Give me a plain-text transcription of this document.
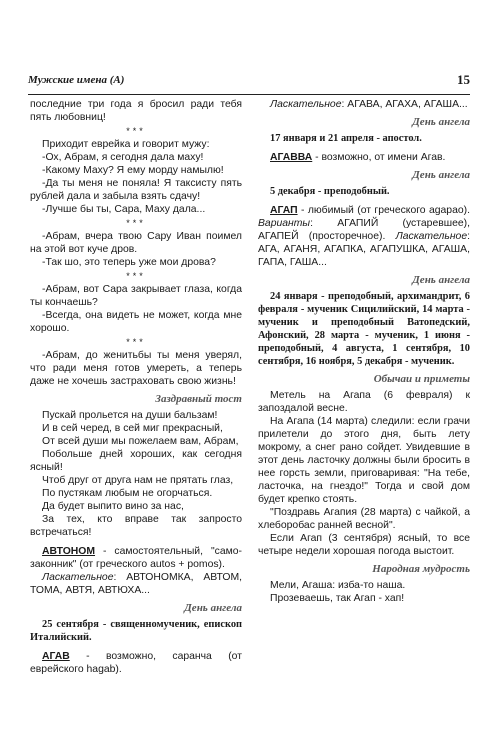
Мужские имена (А)	15

последние три года я бросил ради тебя пять любовниц!

***

Приходит еврейка и говорит мужу:

-Ох, Абрам, я сегодня дала маху!

-Какому Маху? Я ему морду намылю!

-Да ты меня не поняла! Я таксисту пять рублей дала и забыла взять сдачу!

-Лучше бы ты, Сара, Маху дала...

***

-Абрам, вчера твою Сару Иван поимел на этой вот куче дров.

-Так шо, это теперь уже мои дрова?

***

-Абрам, вот Сара закрывает глаза, когда ты кончаешь?

-Всегда, она видеть не может, когда мне хорошо.

***

-Абрам, до женитьбы ты меня уверял, что ради меня готов умереть, а теперь даже не хочешь застраховать свою жизнь!

Заздравный тост

Пускай прольется на души бальзам!

И в сей черед, в сей миг прекрасный,

От всей души мы пожелаем вам, Абрам,

Побольше дней хороших, как сегодня ясный!

Чтоб друг от друга нам не прятать глаз,

По пустякам любым не огорчаться.

Да будет выпито вино за нас,

За тех, кто вправе так запросто встречаться!

АВТОНОМ - самостоятельный, "само-законник" (от греческого autos + pomos).

Ласкательное: АВТОНОМКА, АВТОМ, ТОМА, АВТЯ, АВТЮХА...

День ангела

25 сентября - священномученик, епископ Италийский.

АГАВ - возможно, саранча (от еврейского hagab).

Ласкательное: АГАВА, АГАХА, АГАША...

День ангела

17 января и 21 апреля - апостол.

АГАВВА - возможно, от имени Агав.

День ангела

5 декабря - преподобный.

АГАП - любимый (от греческого agapao). Варианты: АГАПИЙ (устаревшее), АГАПЕЙ (просторечное). Ласкательное: АГА, АГАНЯ, АГАПКА, АГАПУШКА, АГАША, ГАПА, ГАША...

День ангела

24 января - преподобный, архимандрит, 6 февраля - мученик Сицилийский, 14 марта - мученик и преподобный Ватопедский, Афонский, 28 марта - мученик, 1 июня - преподобный, 4 августа, 1 сентября, 10 сентября, 16 ноября, 5 декабря - мученик.

Обычаи и приметы

Метель на Агапа (6 февраля) к запоздалой весне.

На Агапа (14 марта) следили: если грачи прилетели до этого дня, быть лету мокрому, а снег рано сойдет. Увидевшие в этот день ласточку должны были бросить в нее горсть земли, приговаривая: "На тебе, ласточка, на гнездо!" Тогда и свой дом будет крепко стоять.

"Поздравь Агапия (28 марта) с чайкой, а хлеборобаc ранней весной".

Если Агап (3 сентября) ясный, то все четыре недели хорошая погода выстоит.

Народная мудрость

Мели, Агаша: изба-то наша.

Прозеваешь, так Агап - хап!
